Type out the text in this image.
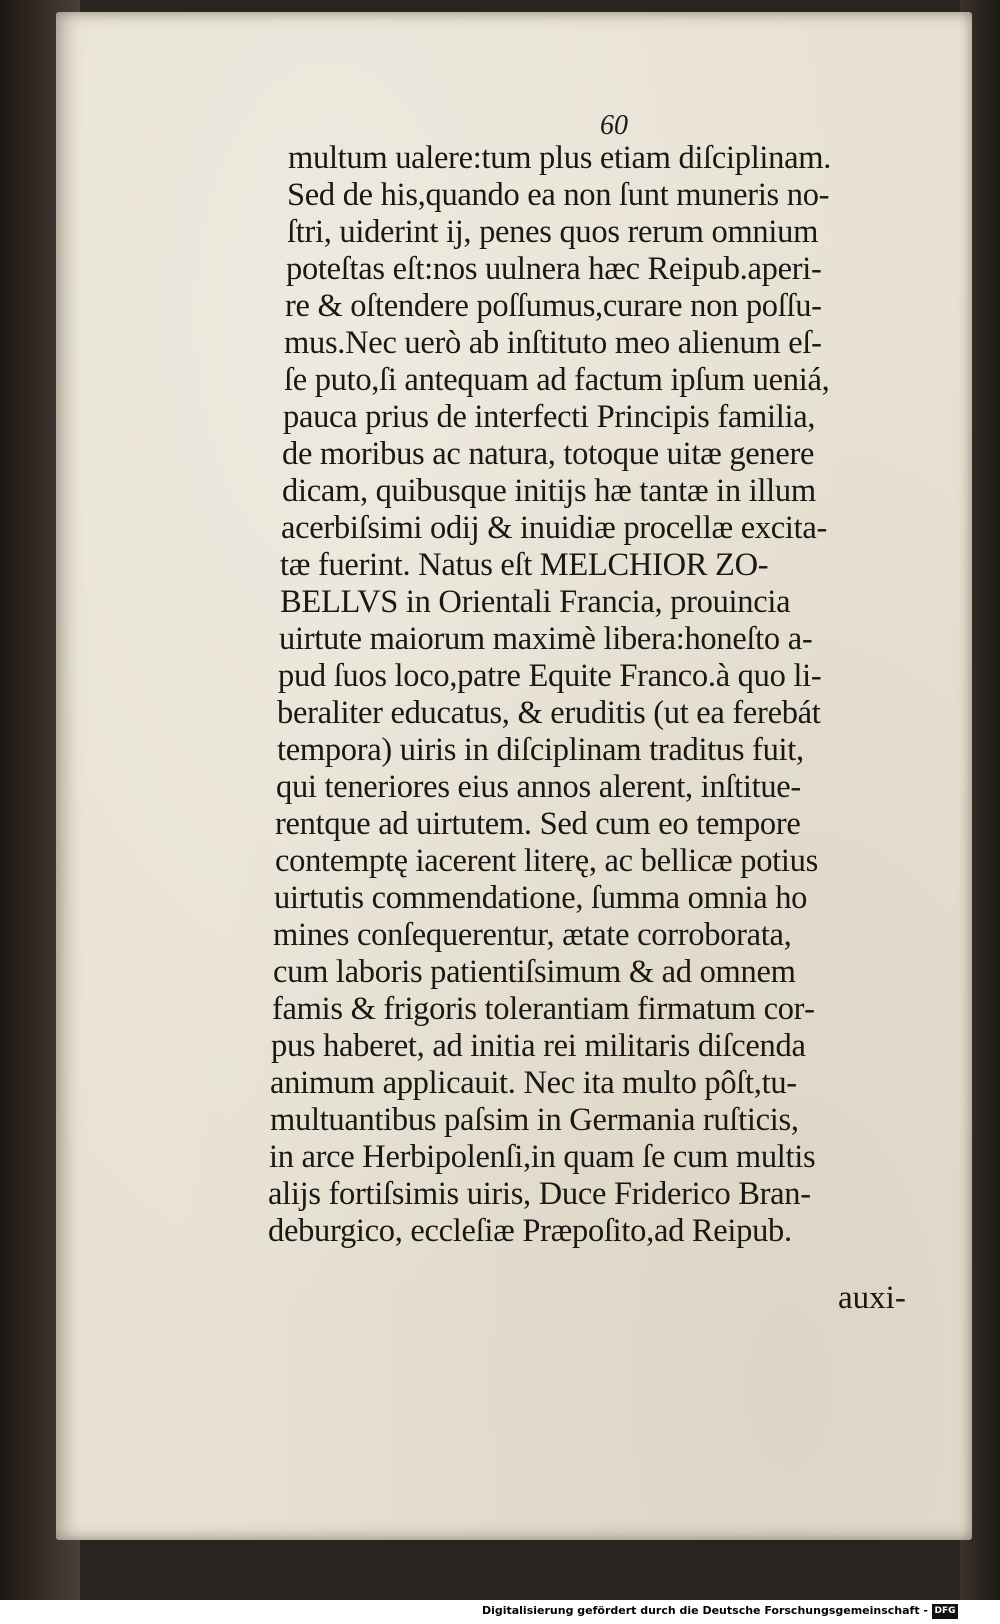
60
multum ualere:tum plus etiam diſciplinam.
Sed de his,quando ea non ſunt muneris no‑
ſtri, uiderint ij, penes quos rerum omnium
poteſtas eſt:nos uulnera hæc Reipub.aperi‑
re & oſtendere poſſumus,curare non poſſu‑
mus.Nec uerò ab inſtituto meo alienum eſ‑
ſe puto,ſi antequam ad factum ipſum ueniá,
pauca prius de interfecti Principis familia,
de moribus ac natura, totoque uitæ genere
dicam, quibusque initijs hæ tantæ in illum
acerbiſsimi odij & inuidiæ procellæ excita‑
tæ fuerint. Natus eſt MELCHIOR ZO‑
BELLVS in Orientali Francia, prouincia
uirtute maiorum maximè libera:honeſto a‑
pud ſuos loco,patre Equite Franco.à quo li‑
beraliter educatus, & eruditis (ut ea ferebát
tempora) uiris in diſciplinam traditus fuit,
qui teneriores eius annos alerent, inſtitue‑
rentque ad uirtutem. Sed cum eo tempore
contemptę iacerent literę, ac bellicæ potius
uirtutis commendatione, ſumma omnia ho
mines conſequerentur, ætate corroborata,
cum laboris patientiſsimum & ad omnem
famis & frigoris tolerantiam firmatum cor‑
pus haberet, ad initia rei militaris diſcenda
animum applicauit. Nec ita multo pôſt,tu‑
multuantibus paſsim in Germania ruſticis,
in arce Herbipolenſi,in quam ſe cum multis
alijs fortiſsimis uiris, Duce Friderico Bran‑
deburgico, eccleſiæ Præpoſito,ad Reipub.
auxi‑
Digitalisierung gefördert durch die Deutsche Forschungsgemeinschaft - DFG
